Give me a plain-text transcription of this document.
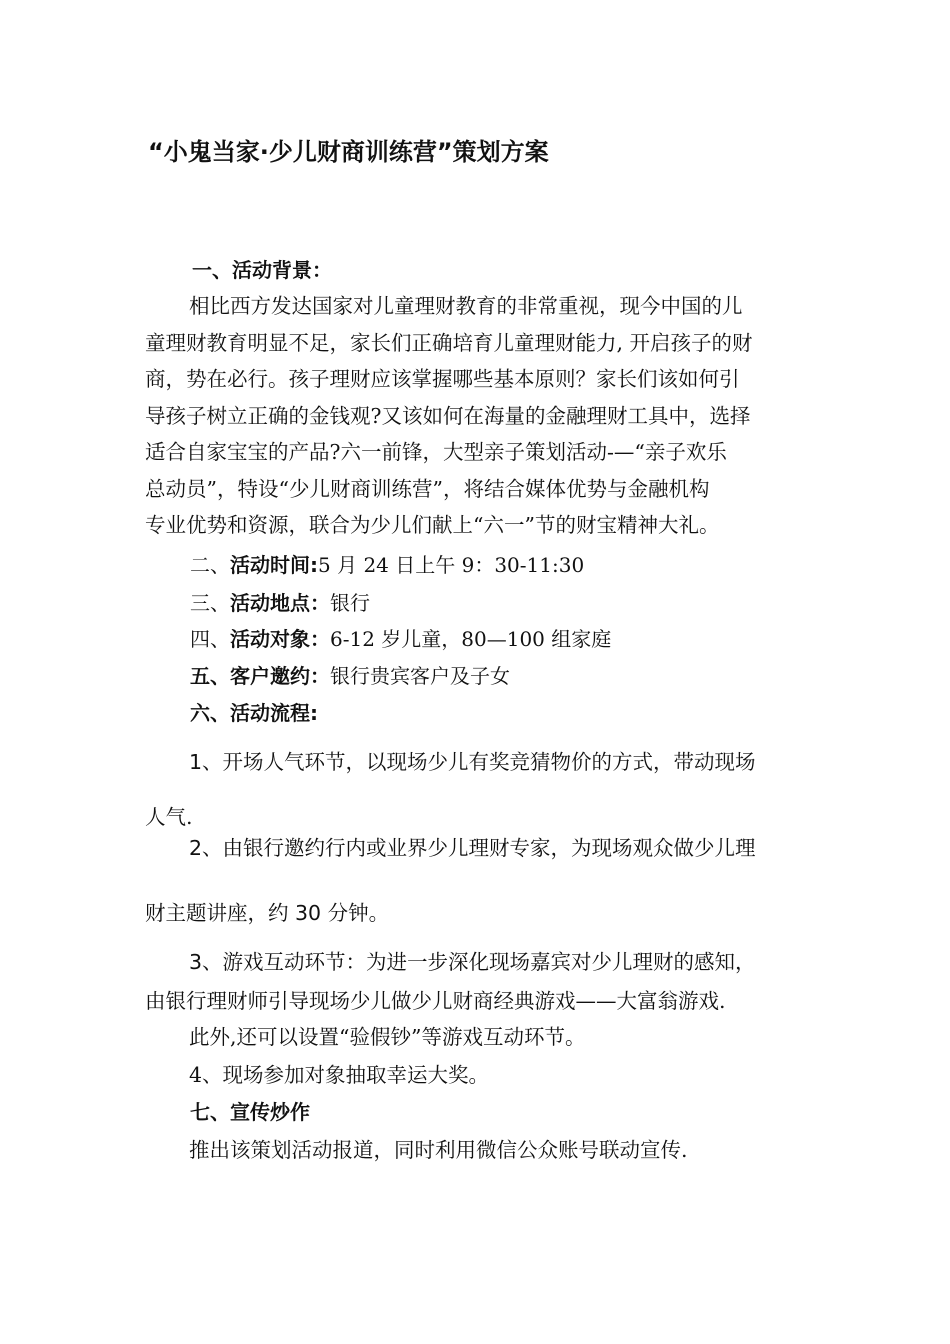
“小鬼当家·少儿财商训练营”策划方案
一、活动背景：
相比西方发达国家对儿童理财教育的非常重视，现今中国的儿
童理财教育明显不足，家长们正确培育儿童理财能力, 开启孩子的财
商，势在必行。孩子理财应该掌握哪些基本原则？家长们该如何引
导孩子树立正确的金钱观?又该如何在海量的金融理财工具中，选择
适合自家宝宝的产品?六一前锋，大型亲子策划活动-—“亲子欢乐
总动员”，特设“少儿财商训练营”，将结合媒体优势与金融机构
专业优势和资源，联合为少儿们献上“六一”节的财宝精神大礼。
二、活动时间:5 月 24 日上午 9：30-11:30
三、活动地点：银行
四、活动对象：6-12 岁儿童，80—100 组家庭
五、客户邀约：银行贵宾客户及子女
六、活动流程:
1、开场人气环节，以现场少儿有奖竞猜物价的方式，带动现场
人气.
2、由银行邀约行内或业界少儿理财专家，为现场观众做少儿理
财主题讲座，约 30 分钟。
3、游戏互动环节：为进一步深化现场嘉宾对少儿理财的感知，
由银行理财师引导现场少儿做少儿财商经典游戏——大富翁游戏.
此外,还可以设置“验假钞”等游戏互动环节。
4、现场参加对象抽取幸运大奖。
七、宣传炒作
推出该策划活动报道，同时利用微信公众账号联动宣传.
